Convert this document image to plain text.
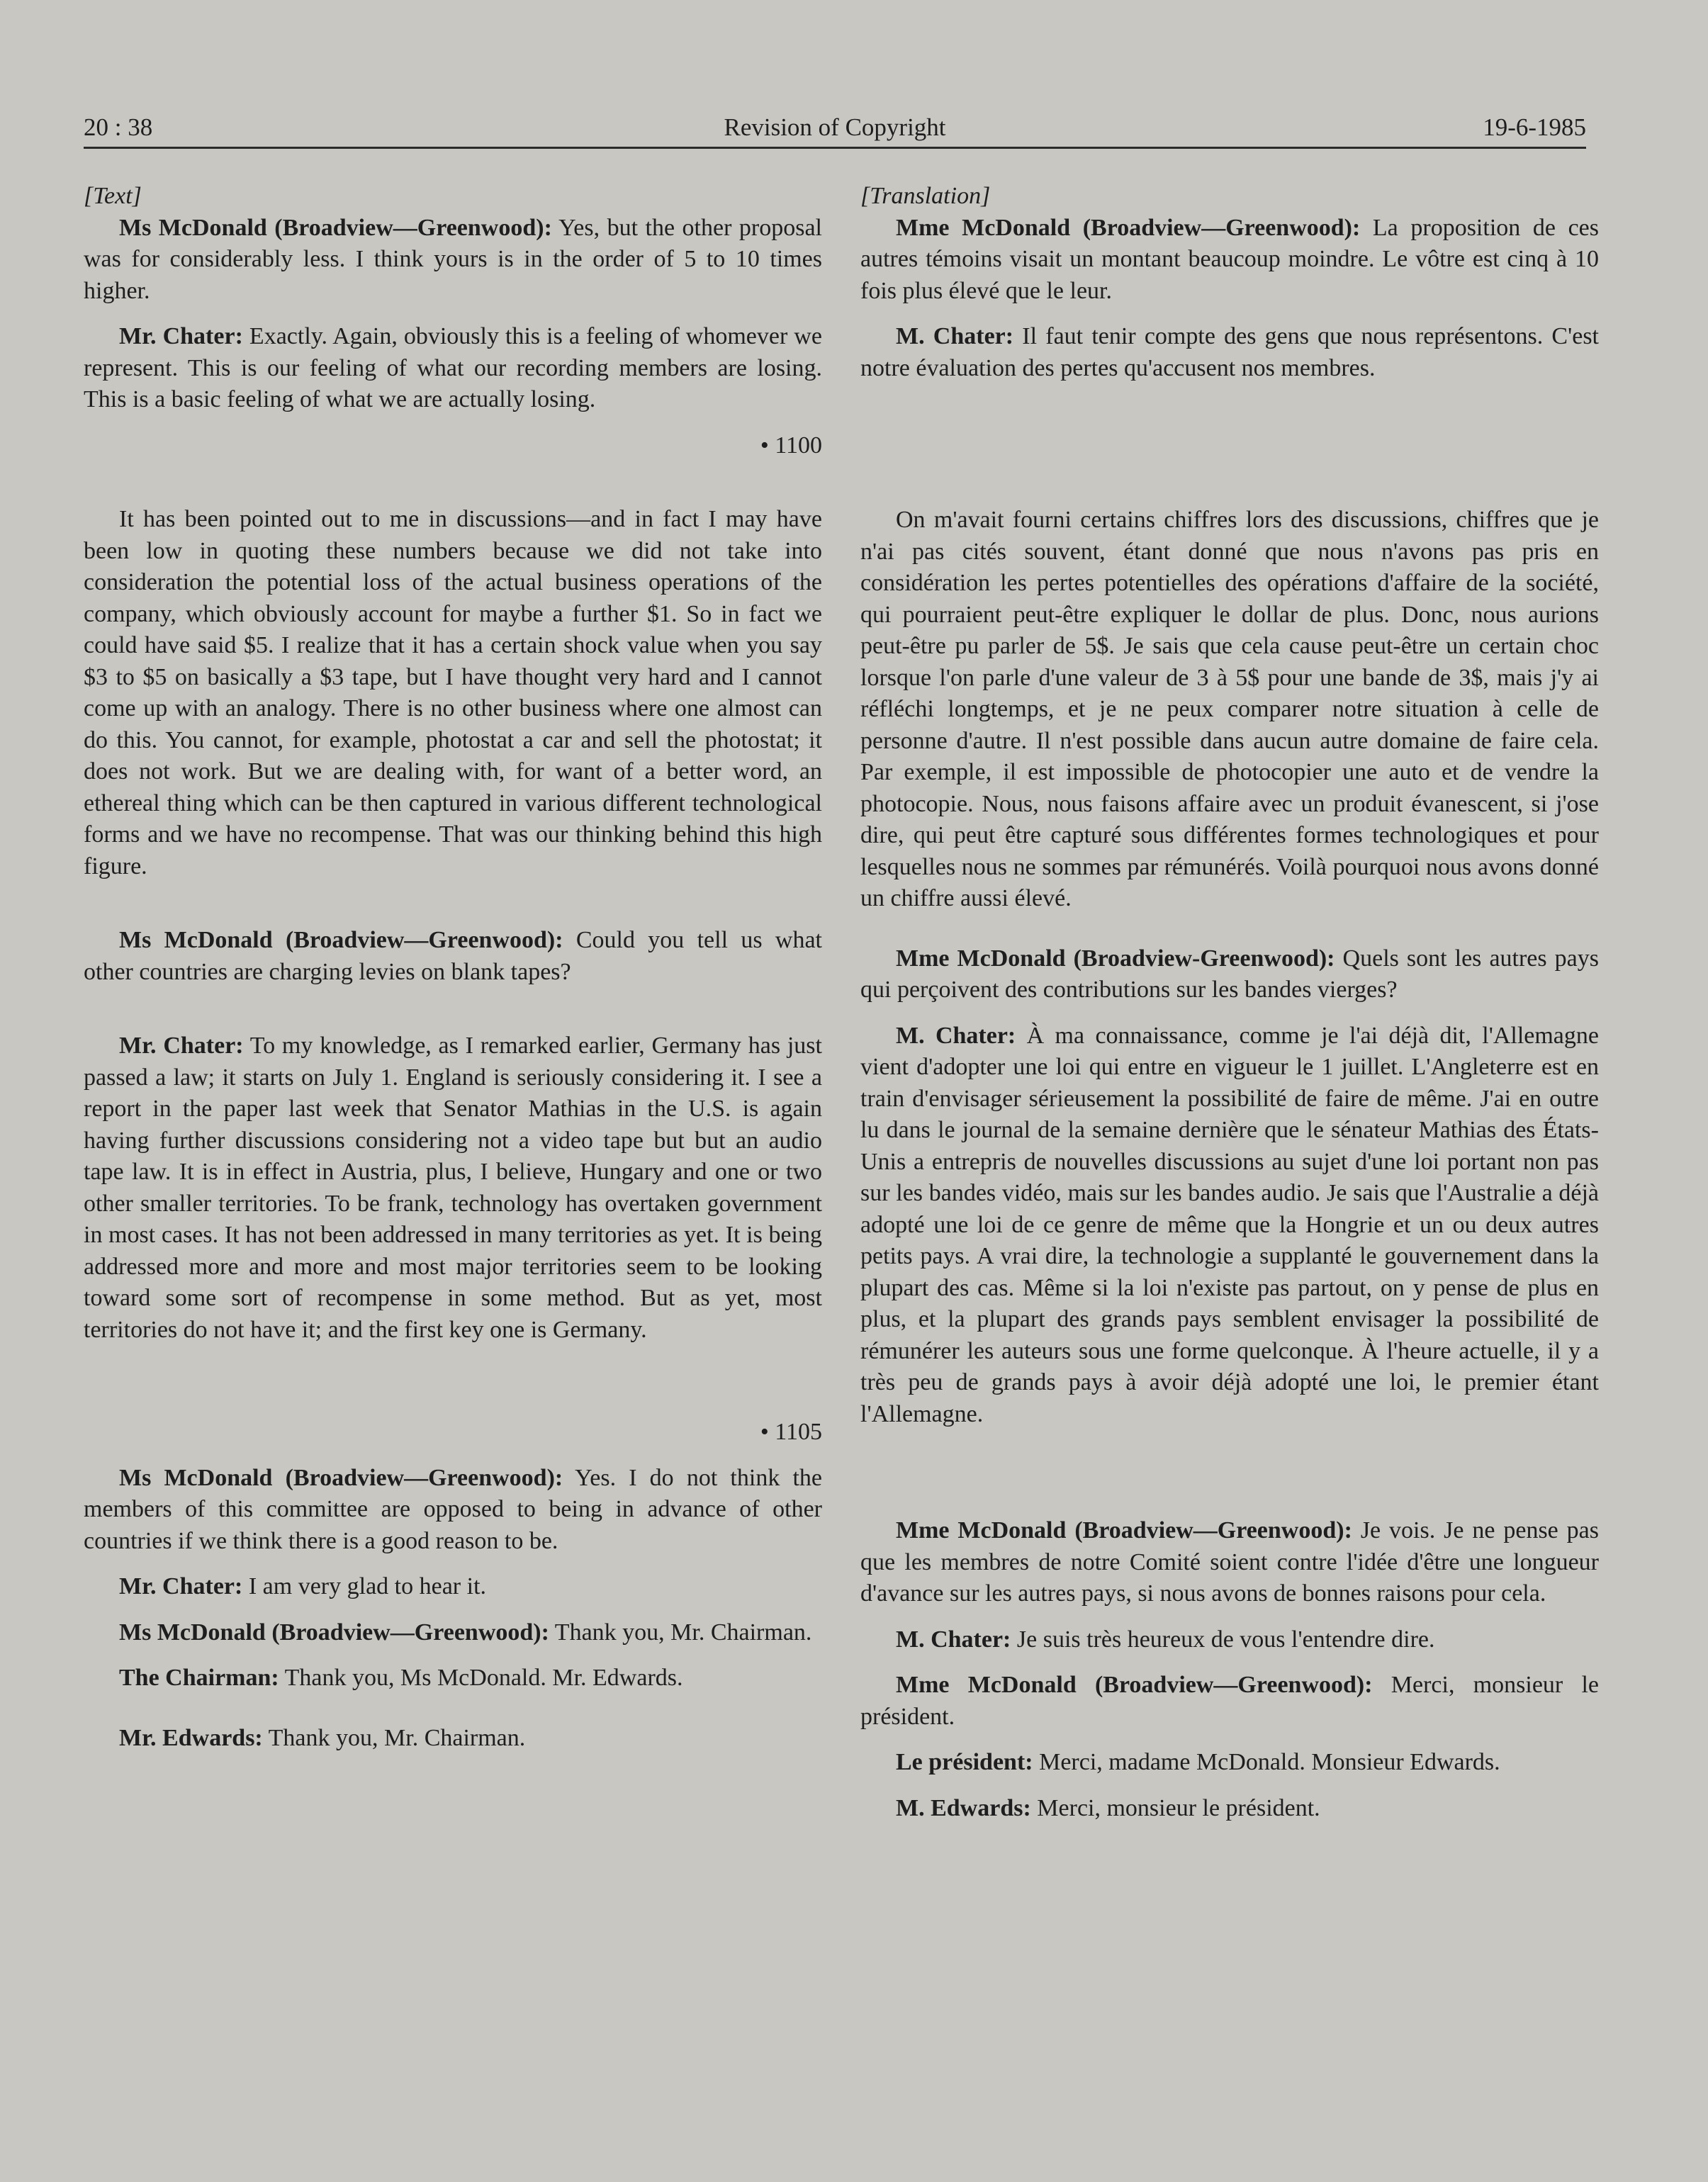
20 : 38	Revision of Copyright	19-6-1985

[Text]

Ms McDonald (Broadview—Greenwood): Yes, but the other proposal was for considerably less. I think yours is in the order of 5 to 10 times higher.

Mr. Chater: Exactly. Again, obviously this is a feeling of whomever we represent. This is our feeling of what our recording members are losing. This is a basic feeling of what we are actually losing.

• 1100

It has been pointed out to me in discussions—and in fact I may have been low in quoting these numbers because we did not take into consideration the potential loss of the actual business operations of the company, which obviously account for maybe a further $1. So in fact we could have said $5. I realize that it has a certain shock value when you say $3 to $5 on basically a $3 tape, but I have thought very hard and I cannot come up with an analogy. There is no other business where one almost can do this. You cannot, for example, photostat a car and sell the photostat; it does not work. But we are dealing with, for want of a better word, an ethereal thing which can be then captured in various different technological forms and we have no recompense. That was our thinking behind this high figure.

Ms McDonald (Broadview—Greenwood): Could you tell us what other countries are charging levies on blank tapes?

Mr. Chater: To my knowledge, as I remarked earlier, Germany has just passed a law; it starts on July 1. England is seriously considering it. I see a report in the paper last week that Senator Mathias in the U.S. is again having further discussions considering not a video tape but but an audio tape law. It is in effect in Austria, plus, I believe, Hungary and one or two other smaller territories. To be frank, technology has overtaken government in most cases. It has not been addressed in many territories as yet. It is being addressed more and more and most major territories seem to be looking toward some sort of recompense in some method. But as yet, most territories do not have it; and the first key one is Germany.

• 1105

Ms McDonald (Broadview—Greenwood): Yes. I do not think the members of this committee are opposed to being in advance of other countries if we think there is a good reason to be.

Mr. Chater: I am very glad to hear it.

Ms McDonald (Broadview—Greenwood): Thank you, Mr. Chairman.

The Chairman: Thank you, Ms McDonald. Mr. Edwards.

Mr. Edwards: Thank you, Mr. Chairman.

[Translation]

Mme McDonald (Broadview—Greenwood): La proposition de ces autres témoins visait un montant beaucoup moindre. Le vôtre est cinq à 10 fois plus élevé que le leur.

M. Chater: Il faut tenir compte des gens que nous représentons. C'est notre évaluation des pertes qu'accusent nos membres.

On m'avait fourni certains chiffres lors des discussions, chiffres que je n'ai pas cités souvent, étant donné que nous n'avons pas pris en considération les pertes potentielles des opérations d'affaire de la société, qui pourraient peut-être expliquer le dollar de plus. Donc, nous aurions peut-être pu parler de 5$. Je sais que cela cause peut-être un certain choc lorsque l'on parle d'une valeur de 3 à 5$ pour une bande de 3$, mais j'y ai réfléchi longtemps, et je ne peux comparer notre situation à celle de personne d'autre. Il n'est possible dans aucun autre domaine de faire cela. Par exemple, il est impossible de photocopier une auto et de vendre la photocopie. Nous, nous faisons affaire avec un produit évanescent, si j'ose dire, qui peut être capturé sous différentes formes technologiques et pour lesquelles nous ne sommes par rémunérés. Voilà pourquoi nous avons donné un chiffre aussi élevé.

Mme McDonald (Broadview-Greenwood): Quels sont les autres pays qui perçoivent des contributions sur les bandes vierges?

M. Chater: À ma connaissance, comme je l'ai déjà dit, l'Allemagne vient d'adopter une loi qui entre en vigueur le 1 juillet. L'Angleterre est en train d'envisager sérieusement la possibilité de faire de même. J'ai en outre lu dans le journal de la semaine dernière que le sénateur Mathias des États-Unis a entrepris de nouvelles discussions au sujet d'une loi portant non pas sur les bandes vidéo, mais sur les bandes audio. Je sais que l'Australie a déjà adopté une loi de ce genre de même que la Hongrie et un ou deux autres petits pays. A vrai dire, la technologie a supplanté le gouvernement dans la plupart des cas. Même si la loi n'existe pas partout, on y pense de plus en plus, et la plupart des grands pays semblent envisager la possibilité de rémunérer les auteurs sous une forme quelconque. À l'heure actuelle, il y a très peu de grands pays à avoir déjà adopté une loi, le premier étant l'Allemagne.

Mme McDonald (Broadview—Greenwood): Je vois. Je ne pense pas que les membres de notre Comité soient contre l'idée d'être une longueur d'avance sur les autres pays, si nous avons de bonnes raisons pour cela.

M. Chater: Je suis très heureux de vous l'entendre dire.

Mme McDonald (Broadview—Greenwood): Merci, monsieur le président.

Le président: Merci, madame McDonald. Monsieur Edwards.

M. Edwards: Merci, monsieur le président.
